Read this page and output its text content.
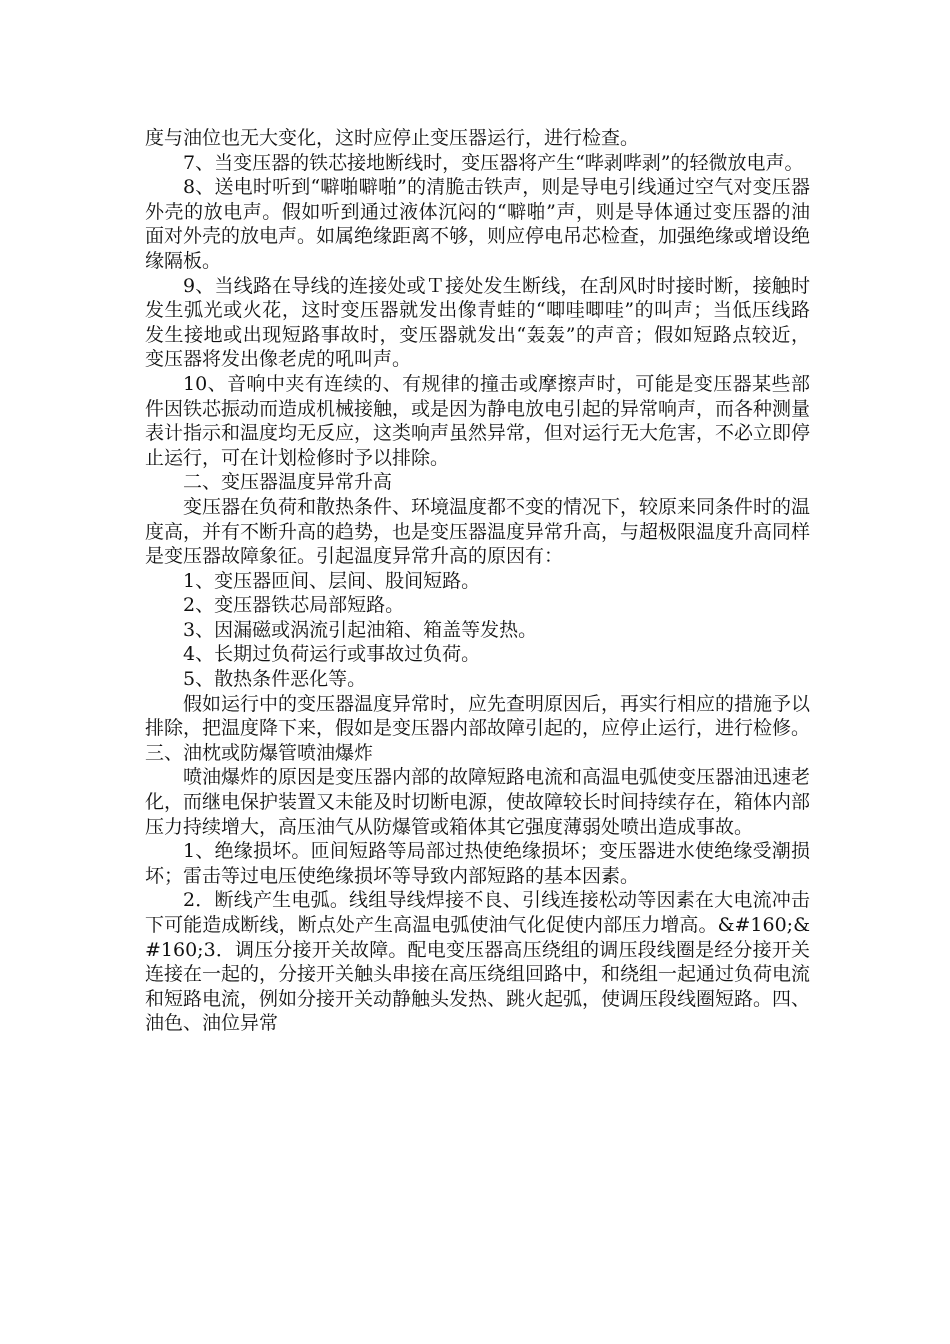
度与油位也无大变化，这时应停止变压器运行，进行检查。

7、当变压器的铁芯接地断线时，变压器将产生“哔剥哔剥”的轻微放电声。

8、送电时听到“噼啪噼啪”的清脆击铁声，则是导电引线通过空气对变压器外壳的放电声。假如听到通过液体沉闷的“噼啪”声，则是导体通过变压器的油面对外壳的放电声。如属绝缘距离不够，则应停电吊芯检查，加强绝缘或增设绝缘隔板。

9、当线路在导线的连接处或Ｔ接处发生断线，在刮风时时接时断，接触时发生弧光或火花，这时变压器就发出像青蛙的“唧哇唧哇”的叫声；当低压线路发生接地或出现短路事故时，变压器就发出“轰轰”的声音；假如短路点较近，变压器将发出像老虎的吼叫声。

10、音响中夹有连续的、有规律的撞击或摩擦声时，可能是变压器某些部件因铁芯振动而造成机械接触，或是因为静电放电引起的异常响声，而各种测量表计指示和温度均无反应，这类响声虽然异常，但对运行无大危害，不必立即停止运行，可在计划检修时予以排除。

二、变压器温度异常升高

变压器在负荷和散热条件、环境温度都不变的情况下，较原来同条件时的温度高，并有不断升高的趋势，也是变压器温度异常升高，与超极限温度升高同样是变压器故障象征。引起温度异常升高的原因有：

1、变压器匝间、层间、股间短路。

2、变压器铁芯局部短路。

3、因漏磁或涡流引起油箱、箱盖等发热。

4、长期过负荷运行或事故过负荷。

5、散热条件恶化等。

假如运行中的变压器温度异常时，应先查明原因后，再实行相应的措施予以排除，把温度降下来，假如是变压器内部故障引起的，应停止运行，进行检修。三、油枕或防爆管喷油爆炸

喷油爆炸的原因是变压器内部的故障短路电流和高温电弧使变压器油迅速老化，而继电保护装置又未能及时切断电源，使故障较长时间持续存在，箱体内部压力持续增大，高压油气从防爆管或箱体其它强度薄弱处喷出造成事故。

1、绝缘损坏。匝间短路等局部过热使绝缘损坏；变压器进水使绝缘受潮损坏；雷击等过电压使绝缘损坏等导致内部短路的基本因素。

2．断线产生电弧。线组导线焊接不良、引线连接松动等因素在大电流冲击下可能造成断线，断点处产生高温电弧使油气化促使内部压力增高。&#160;&#160;3．调压分接开关故障。配电变压器高压绕组的调压段线圈是经分接开关连接在一起的，分接开关触头串接在高压绕组回路中，和绕组一起通过负荷电流和短路电流，例如分接开关动静触头发热、跳火起弧，使调压段线圈短路。四、油色、油位异常
